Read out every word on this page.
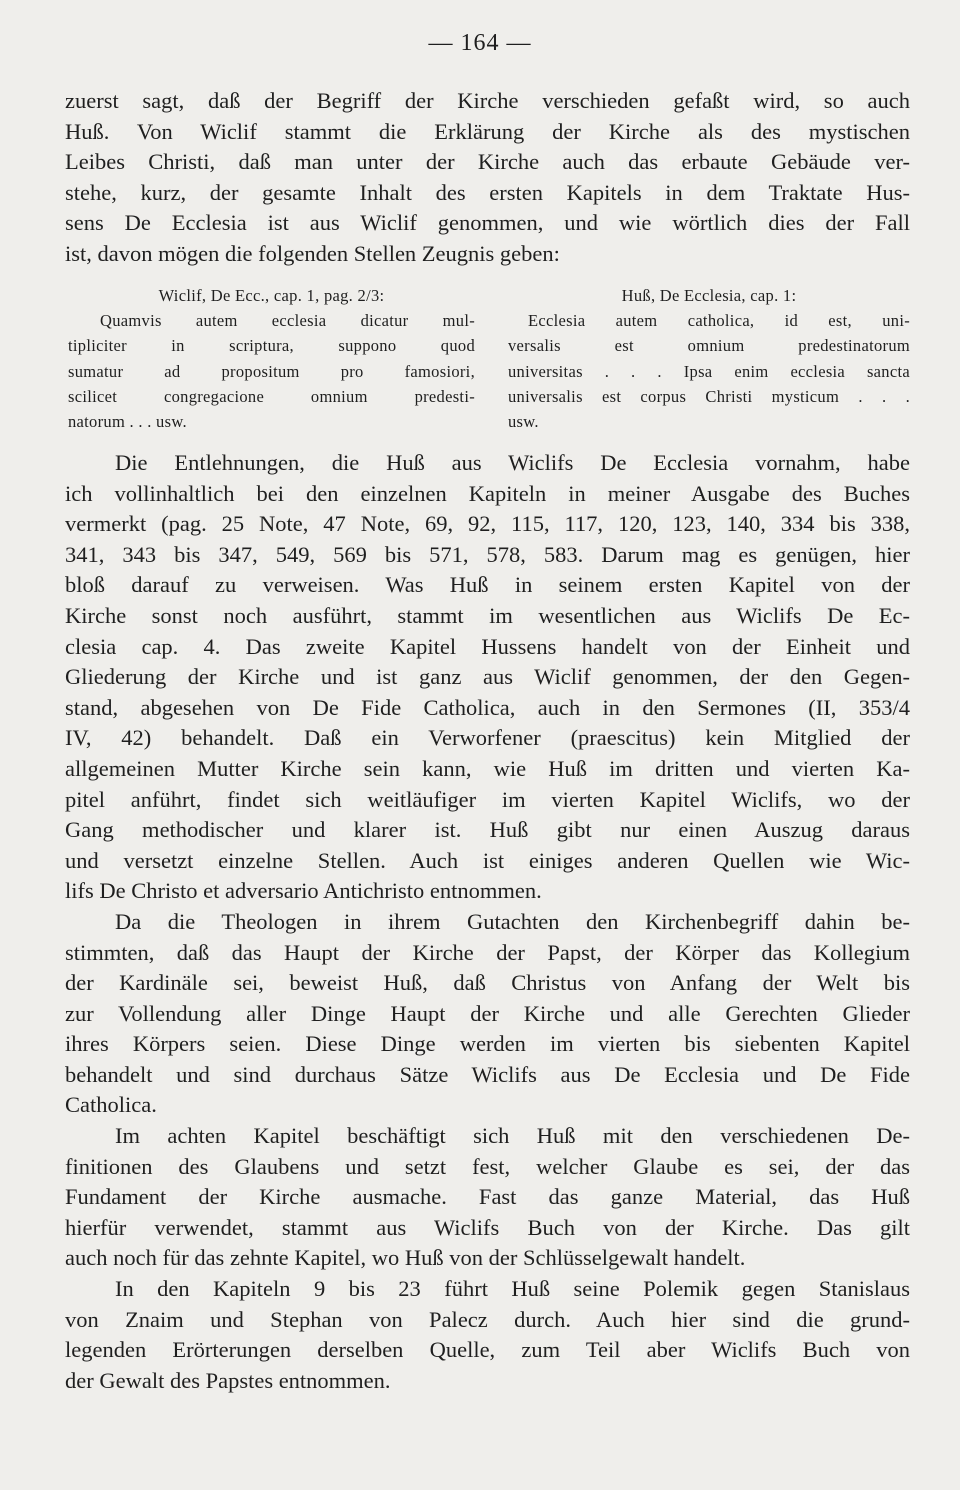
— 164 —
zuerst sagt, daß der Begriff der Kirche verschieden gefaßt wird, so auch
Huß. Von Wiclif stammt die Erklärung der Kirche als des mystischen
Leibes Christi, daß man unter der Kirche auch das erbaute Gebäude ver-
stehe, kurz, der gesamte Inhalt des ersten Kapitels in dem Traktate Hus-
sens De Ecclesia ist aus Wiclif genommen, und wie wörtlich dies der Fall
ist, davon mögen die folgenden Stellen Zeugnis geben:
Wiclif, De Ecc., cap. 1, pag. 2/3:
Quamvis autem ecclesia dicatur mul-
tipliciter in scriptura, suppono quod
sumatur ad propositum pro famosiori,
scilicet congregacione omnium predesti-
natorum . . . usw.
Huß, De Ecclesia, cap. 1:
Ecclesia autem catholica, id est, uni-
versalis est omnium predestinatorum
universitas . . . Ipsa enim ecclesia sancta
universalis est corpus Christi mysticum . . .
usw.
Die Entlehnungen, die Huß aus Wiclifs De Ecclesia vornahm, habe
ich vollinhaltlich bei den einzelnen Kapiteln in meiner Ausgabe des Buches
vermerkt (pag. 25 Note, 47 Note, 69, 92, 115, 117, 120, 123, 140, 334 bis 338,
341, 343 bis 347, 549, 569 bis 571, 578, 583. Darum mag es genügen, hier
bloß darauf zu verweisen. Was Huß in seinem ersten Kapitel von der
Kirche sonst noch ausführt, stammt im wesentlichen aus Wiclifs De Ec-
clesia cap. 4. Das zweite Kapitel Hussens handelt von der Einheit und
Gliederung der Kirche und ist ganz aus Wiclif genommen, der den Gegen-
stand, abgesehen von De Fide Catholica, auch in den Sermones (II, 353/4
IV, 42) behandelt. Daß ein Verworfener (praescitus) kein Mitglied der
allgemeinen Mutter Kirche sein kann, wie Huß im dritten und vierten Ka-
pitel anführt, findet sich weitläufiger im vierten Kapitel Wiclifs, wo der
Gang methodischer und klarer ist. Huß gibt nur einen Auszug daraus
und versetzt einzelne Stellen. Auch ist einiges anderen Quellen wie Wic-
lifs De Christo et adversario Antichristo entnommen.
Da die Theologen in ihrem Gutachten den Kirchenbegriff dahin be-
stimmten, daß das Haupt der Kirche der Papst, der Körper das Kollegium
der Kardinäle sei, beweist Huß, daß Christus von Anfang der Welt bis
zur Vollendung aller Dinge Haupt der Kirche und alle Gerechten Glieder
ihres Körpers seien. Diese Dinge werden im vierten bis siebenten Kapitel
behandelt und sind durchaus Sätze Wiclifs aus De Ecclesia und De Fide
Catholica.
Im achten Kapitel beschäftigt sich Huß mit den verschiedenen De-
finitionen des Glaubens und setzt fest, welcher Glaube es sei, der das
Fundament der Kirche ausmache. Fast das ganze Material, das Huß
hierfür verwendet, stammt aus Wiclifs Buch von der Kirche. Das gilt
auch noch für das zehnte Kapitel, wo Huß von der Schlüsselgewalt handelt.
In den Kapiteln 9 bis 23 führt Huß seine Polemik gegen Stanislaus
von Znaim und Stephan von Palecz durch. Auch hier sind die grund-
legenden Erörterungen derselben Quelle, zum Teil aber Wiclifs Buch von
der Gewalt des Papstes entnommen.
